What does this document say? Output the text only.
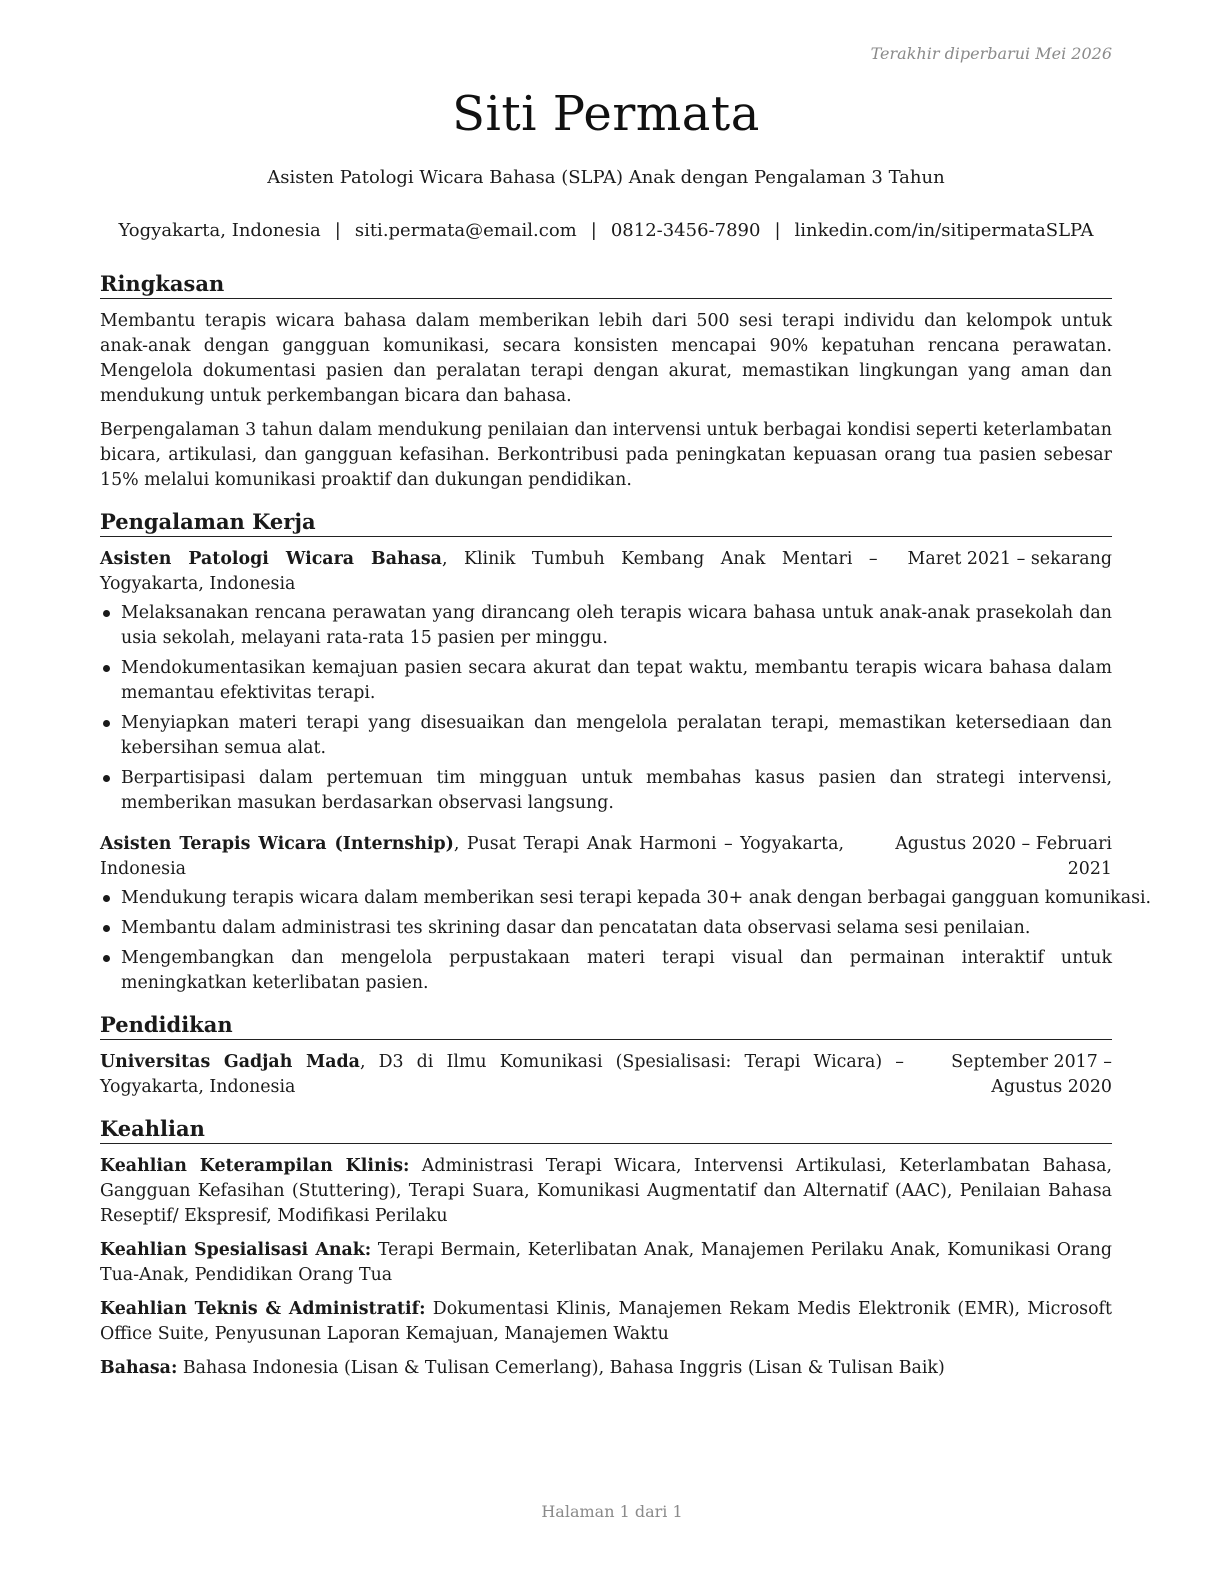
Terakhir diperbarui Mei 2026
Siti Permata
Asisten Patologi Wicara Bahasa (SLPA) Anak dengan Pengalaman 3 Tahun
Yogyakarta, Indonesia | siti.permata@email.com | 0812-3456-7890 | linkedin.com/in/sitipermataSLPA
Ringkasan

Membantu terapis wicara bahasa dalam memberikan lebih dari 500 sesi terapi individu dan kelompok untuk anak-anak dengan gangguan komunikasi, secara konsisten mencapai 90% kepatuhan rencana perawatan. Mengelola dokumentasi pasien dan peralatan terapi dengan akurat, memastikan lingkungan yang aman dan mendukung untuk perkembangan bicara dan bahasa.

Berpengalaman 3 tahun dalam mendukung penilaian dan intervensi untuk berbagai kondisi seperti keterlambatan bicara, artikulasi, dan gangguan kefasihan. Berkontribusi pada peningkatan kepuasan orang tua pasien sebesar 15% melalui komunikasi proaktif dan dukungan pendidikan.

Pengalaman Kerja
Asisten Patologi Wicara Bahasa, Klinik Tumbuh Kembang Anak Mentari – Yogyakarta, Indonesia
Maret 2021 – sekarang
Melaksanakan rencana perawatan yang dirancang oleh terapis wicara bahasa untuk anak-anak prasekolah dan usia sekolah, melayani rata-rata 15 pasien per minggu.
Mendokumentasikan kemajuan pasien secara akurat dan tepat waktu, membantu terapis wicara bahasa dalam memantau efektivitas terapi.
Menyiapkan materi terapi yang disesuaikan dan mengelola peralatan terapi, memastikan ketersediaan dan kebersihan semua alat.
Berpartisipasi dalam pertemuan tim mingguan untuk membahas kasus pasien dan strategi intervensi, memberikan masukan berdasarkan observasi langsung.
Asisten Terapis Wicara (Internship), Pusat Terapi Anak Harmoni – Yogyakarta, Indonesia
Agustus 2020 – Februari 2021
Mendukung terapis wicara dalam memberikan sesi terapi kepada 30+ anak dengan berbagai gangguan komunikasi.
Membantu dalam administrasi tes skrining dasar dan pencatatan data observasi selama sesi penilaian.
Mengembangkan dan mengelola perpustakaan materi terapi visual dan permainan interaktif untuk meningkatkan keterlibatan pasien.
Pendidikan
Universitas Gadjah Mada, D3 di Ilmu Komunikasi (Spesialisasi: Terapi Wicara) – Yogyakarta, Indonesia
September 2017 – Agustus 2020
Keahlian
Keahlian Keterampilan Klinis: Administrasi Terapi Wicara, Intervensi Artikulasi, Keterlambatan Bahasa, Gangguan Kefasihan (Stuttering), Terapi Suara, Komunikasi Augmentatif dan Alternatif (AAC), Penilaian Bahasa Reseptif/ Ekspresif, Modifikasi Perilaku
Keahlian Spesialisasi Anak: Terapi Bermain, Keterlibatan Anak, Manajemen Perilaku Anak, Komunikasi Orang Tua-Anak, Pendidikan Orang Tua
Keahlian Teknis & Administratif: Dokumentasi Klinis, Manajemen Rekam Medis Elektronik (EMR), Microsoft Office Suite, Penyusunan Laporan Kemajuan, Manajemen Waktu
Bahasa: Bahasa Indonesia (Lisan & Tulisan Cemerlang), Bahasa Inggris (Lisan & Tulisan Baik)
Halaman 1 dari 1
